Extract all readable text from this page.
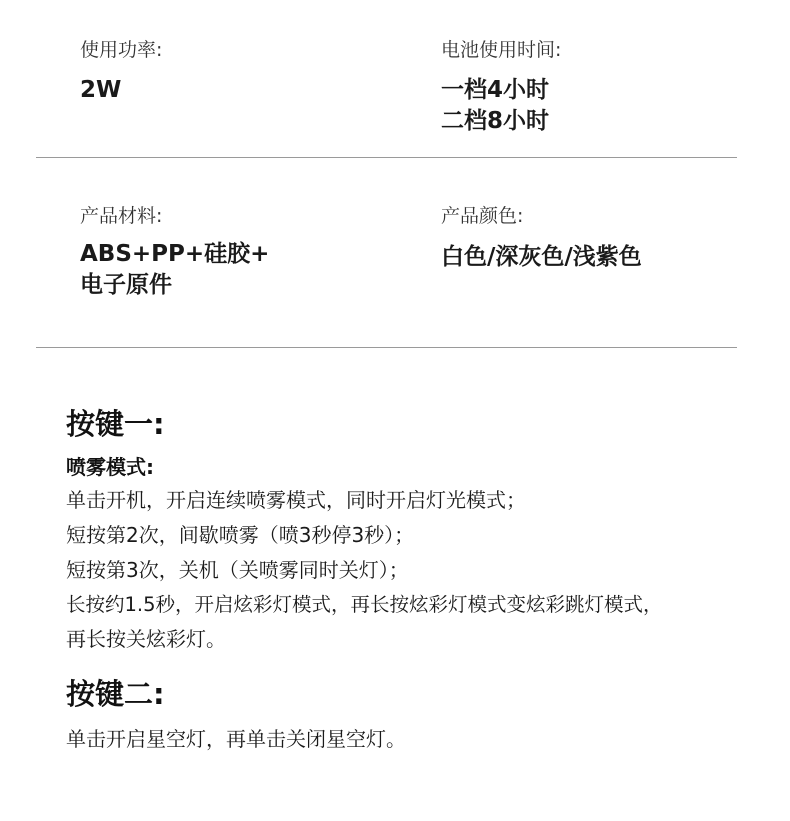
使用功率:
2W
电池使用时间:
一档4小时
二档8小时
产品材料:
ABS+PP+硅胶+
电子原件
产品颜色:
白色/深灰色/浅紫色
按键一:
喷雾模式:
单击开机，开启连续喷雾模式，同时开启灯光模式；
短按第2次，间歇喷雾（喷3秒停3秒）；
短按第3次，关机（关喷雾同时关灯）；
长按约1.5秒，开启炫彩灯模式，再长按炫彩灯模式变炫彩跳灯模式，
再长按关炫彩灯。
按键二:
单击开启星空灯，再单击关闭星空灯。
